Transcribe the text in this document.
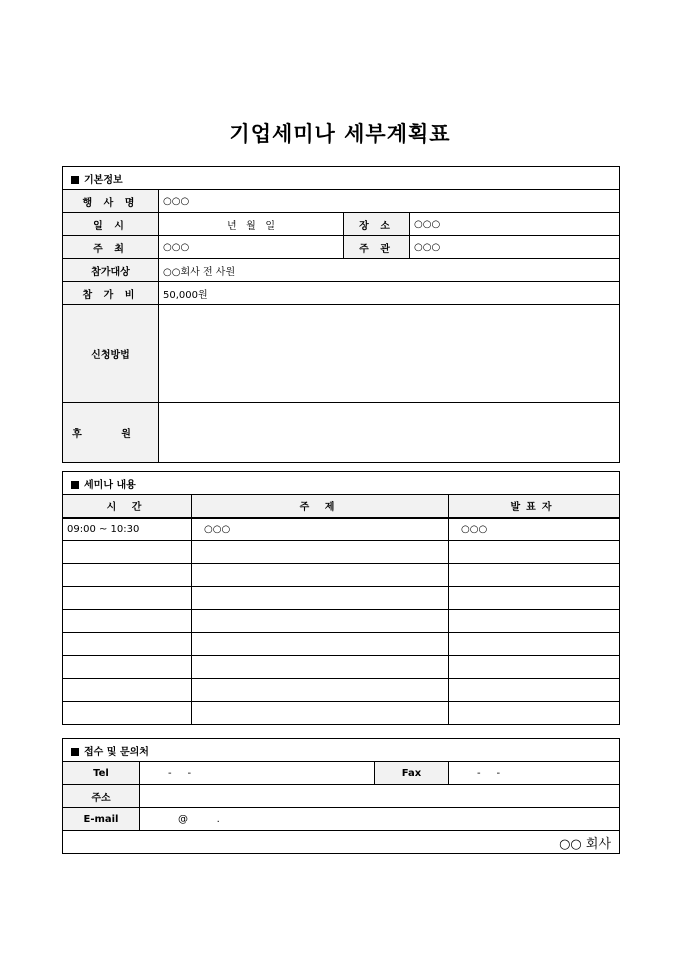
기업세미나 세부계획표
기본정보			
행 사 명	○○○		
일 시	년   월   일	장 소	○○○
주 최	○○○	주 관	○○○
참가대상	○○회사 전 사원		
참 가 비	50,000원		
신청방법			
후 원			
세미나 내용		
시 간	주 제	발표자
09:00 ~ 10:30	○○○	○○○

접수 및 문의처			
Tel	-     -	Fax	-     -
주소			
E-mail	@         .		
○○ 회사			
